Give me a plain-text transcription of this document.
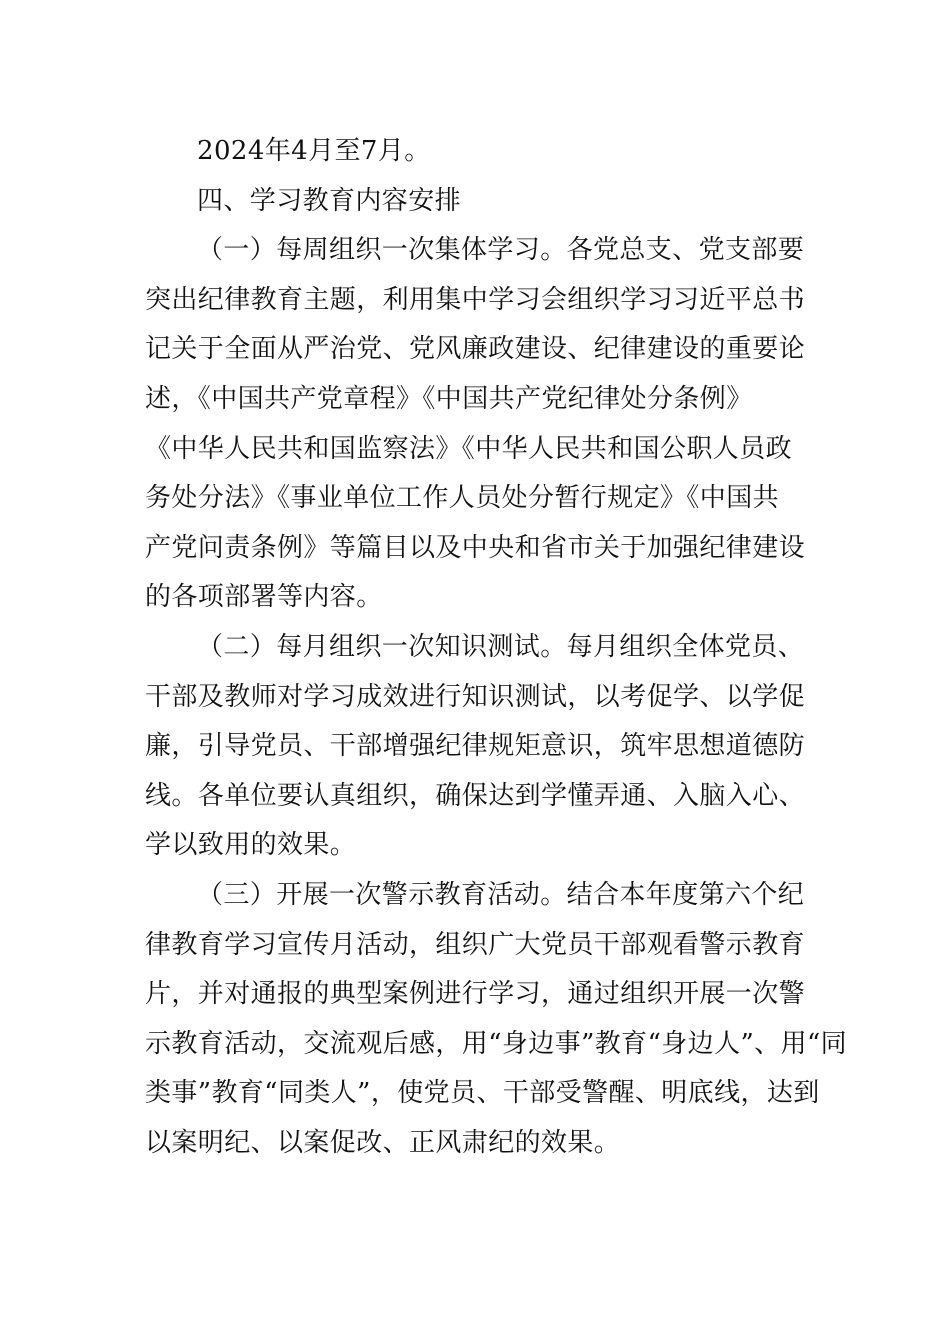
2024年4月至7月。
四、学习教育内容安排
（一）每周组织一次集体学习。各党总支、党支部要
突出纪律教育主题，利用集中学习会组织学习习近平总书
记关于全面从严治党、党风廉政建设、纪律建设的重要论
述，《中国共产党章程》《中国共产党纪律处分条例》
《中华人民共和国监察法》《中华人民共和国公职人员政
务处分法》《事业单位工作人员处分暂行规定》《中国共
产党问责条例》等篇目以及中央和省市关于加强纪律建设
的各项部署等内容。
（二）每月组织一次知识测试。每月组织全体党员、
干部及教师对学习成效进行知识测试，以考促学、以学促
廉，引导党员、干部增强纪律规矩意识，筑牢思想道德防
线。各单位要认真组织，确保达到学懂弄通、入脑入心、
学以致用的效果。
（三）开展一次警示教育活动。结合本年度第六个纪
律教育学习宣传月活动，组织广大党员干部观看警示教育
片，并对通报的典型案例进行学习，通过组织开展一次警
示教育活动，交流观后感，用“身边事”教育“身边人”、用“同
类事”教育“同类人”，使党员、干部受警醒、明底线，达到
以案明纪、以案促改、正风肃纪的效果。
